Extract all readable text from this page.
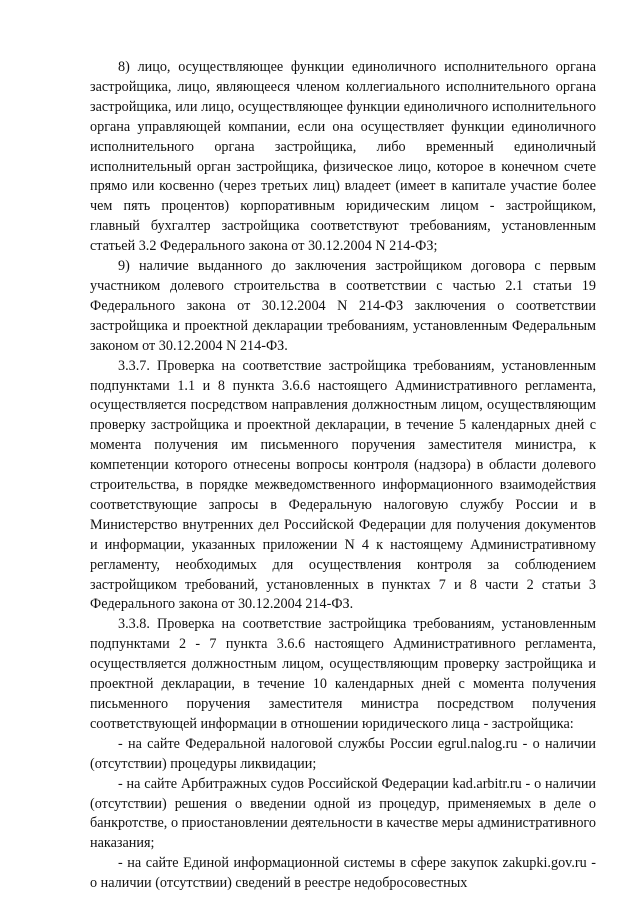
8) лицо, осуществляющее функции единоличного исполнительного органа застройщика, лицо, являющееся членом коллегиального исполнительного органа застройщика, или лицо, осуществляющее функции единоличного исполнительного органа управляющей компании, если она осуществляет функции единоличного исполнительного органа застройщика, либо временный единоличный исполнительный орган застройщика, физическое лицо, которое в конечном счете прямо или косвенно (через третьих лиц) владеет (имеет в капитале участие более чем пять процентов) корпоративным юридическим лицом - застройщиком, главный бухгалтер застройщика соответствуют требованиям, установленным статьей 3.2 Федерального закона от 30.12.2004 N 214-ФЗ;

9) наличие выданного до заключения застройщиком договора с первым участником долевого строительства в соответствии с частью 2.1 статьи 19 Федерального закона от 30.12.2004 N 214-ФЗ заключения о соответствии застройщика и проектной декларации требованиям, установленным Федеральным законом от 30.12.2004 N 214-ФЗ.

3.3.7. Проверка на соответствие застройщика требованиям, установленным подпунктами 1.1 и 8 пункта 3.6.6 настоящего Административного регламента, осуществляется посредством направления должностным лицом, осуществляющим проверку застройщика и проектной декларации, в течение 5 календарных дней с момента получения им письменного поручения заместителя министра, к компетенции которого отнесены вопросы контроля (надзора) в области долевого строительства, в порядке межведомственного информационного взаимодействия соответствующие запросы в Федеральную налоговую службу России и в Министерство внутренних дел Российской Федерации для получения документов и информации, указанных приложении N 4 к настоящему Административному регламенту, необходимых для осуществления контроля за соблюдением застройщиком требований, установленных в пунктах 7 и 8 части 2 статьи 3 Федерального закона от 30.12.2004 214-ФЗ.

3.3.8. Проверка на соответствие застройщика требованиям, установленным подпунктами 2 - 7 пункта 3.6.6 настоящего Административного регламента, осуществляется должностным лицом, осуществляющим проверку застройщика и проектной декларации, в течение 10 календарных дней с момента получения письменного поручения заместителя министра посредством получения соответствующей информации в отношении юридического лица - застройщика:

- на сайте Федеральной налоговой службы России egrul.nalog.ru - о наличии (отсутствии) процедуры ликвидации;

- на сайте Арбитражных судов Российской Федерации kad.arbitr.ru - о наличии (отсутствии) решения о введении одной из процедур, применяемых в деле о банкротстве, о приостановлении деятельности в качестве меры административного наказания;

- на сайте Единой информационной системы в сфере закупок zakupki.gov.ru - о наличии (отсутствии) сведений в реестре недобросовестных
